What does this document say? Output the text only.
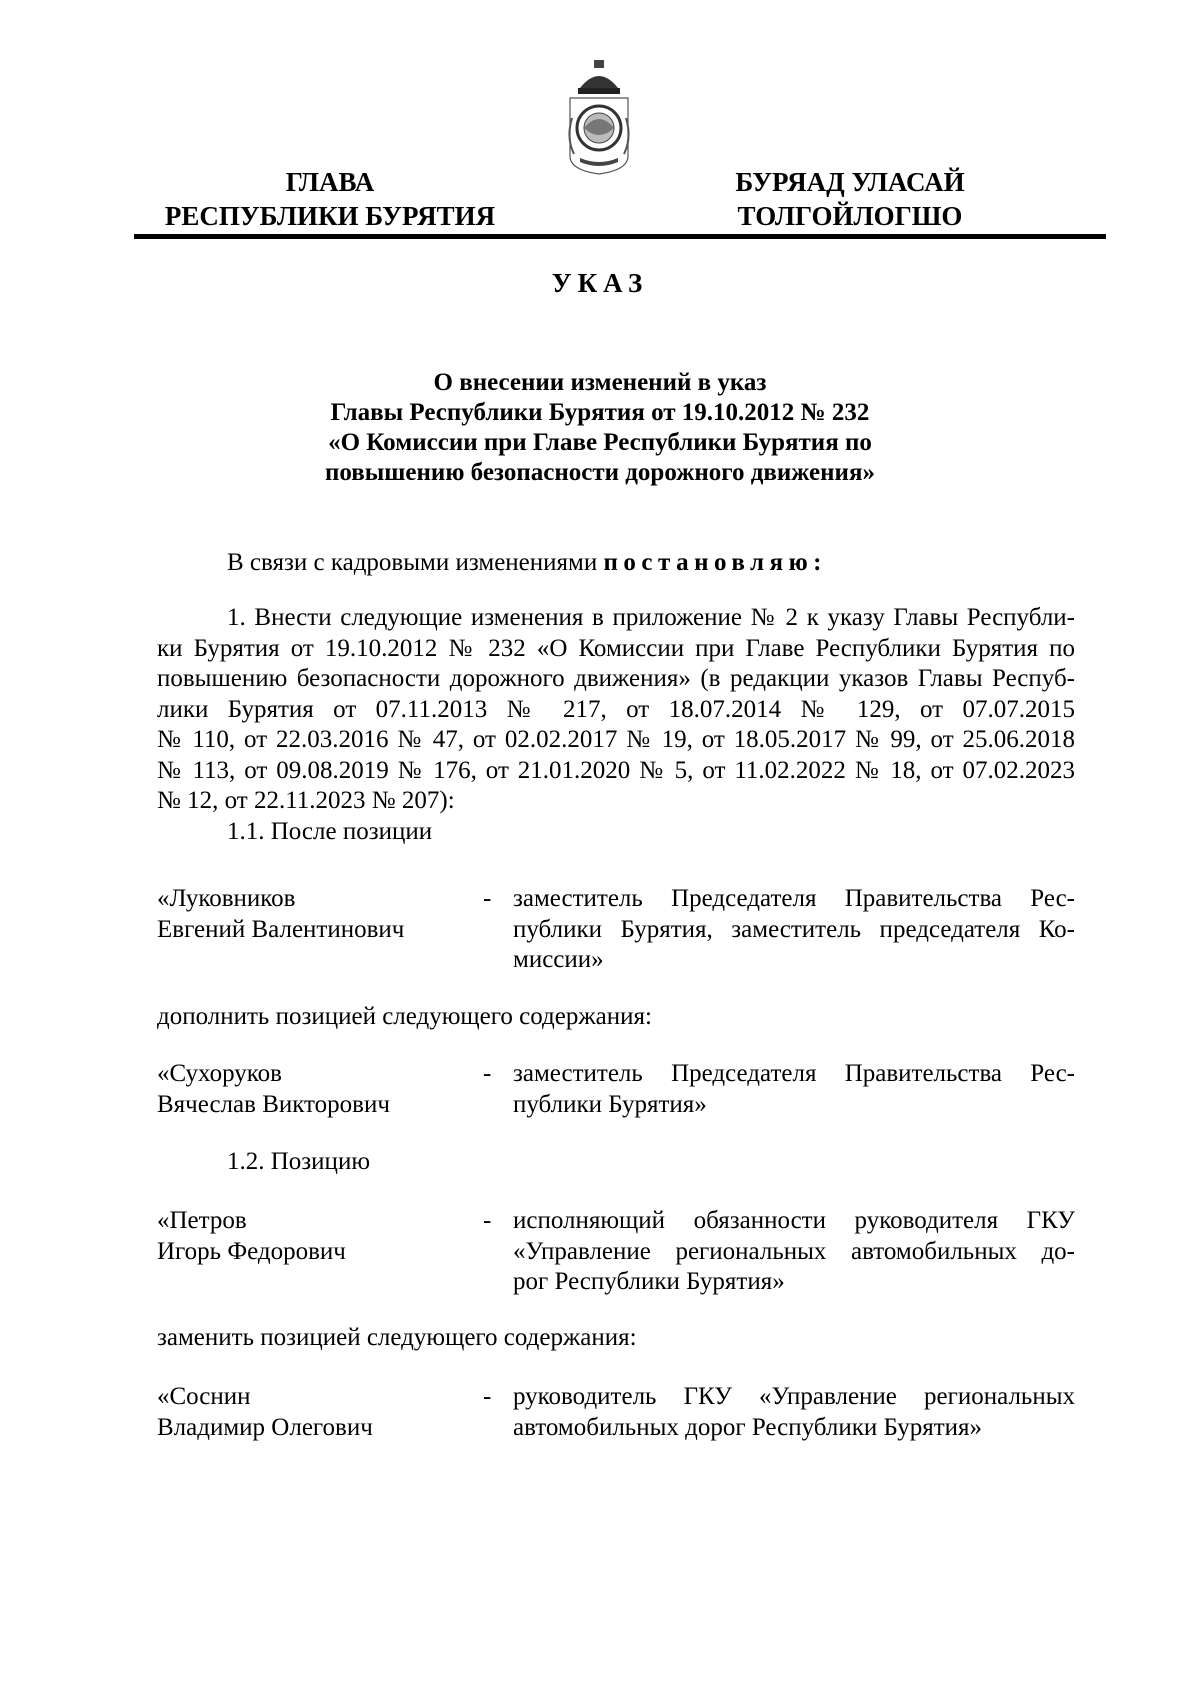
ГЛАВА
РЕСПУБЛИКИ БУРЯТИЯ
БУРЯАД УЛАСАЙ
ТОЛГОЙЛОГШО
УКАЗ
О внесении изменений в указ
Главы Республики Бурятия от 19.10.2012 № 232
«О Комиссии при Главе Республики Бурятия по
повышению безопасности дорожного движения»
В связи с кадровыми изменениями постановляю:
1. Внести следующие изменения в приложение № 2 к указу Главы Республи-
ки Бурятия от 19.10.2012 № 232 «О Комиссии при Главе Республики Бурятия по
повышению безопасности дорожного движения» (в редакции указов Главы Респуб-
лики Бурятия от 07.11.2013 № 217, от 18.07.2014 № 129, от 07.07.2015
№ 110, от 22.03.2016 № 47, от 02.02.2017 № 19, от 18.05.2017 № 99, от 25.06.2018
№ 113, от 09.08.2019 № 176, от 21.01.2020 № 5, от 11.02.2022 № 18, от 07.02.2023
№ 12, от 22.11.2023 № 207):
1.1. После позиции
«Луковников
Евгений Валентинович
- заместитель Председателя Правительства Рес-
публики Бурятия, заместитель председателя Ко-
миссии»
дополнить позицией следующего содержания:
«Сухоруков
Вячеслав Викторович
- заместитель Председателя Правительства Рес-
публики Бурятия»
1.2. Позицию
«Петров
Игорь Федорович
- исполняющий обязанности руководителя ГКУ
«Управление региональных автомобильных до-
рог Республики Бурятия»
заменить позицией следующего содержания:
«Соснин
Владимир Олегович
- руководитель ГКУ «Управление региональных
автомобильных дорог Республики Бурятия»
